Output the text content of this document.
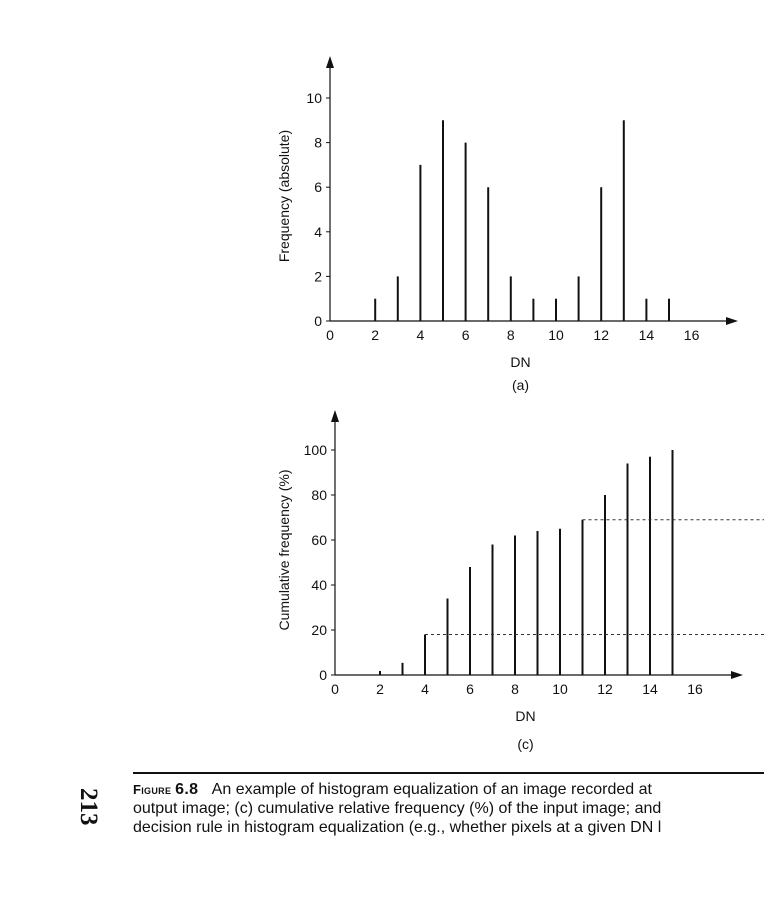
0	2	4	6	8 10 12 14 16
0
2
4
6
8
10
DN
(a)
Frequency (absolute)
0	2	4	6	8 10 12 14 16
0
20
40
60
80
100
DN
(c)
Cumulative frequency (%)
213	Figure 6.8 An example of histogram equalization of an image recorded at
output image; (c) cumulative relative frequency (%) of the input image; and
decision rule in histogram equalization (e.g., whether pixels at a given DN l
